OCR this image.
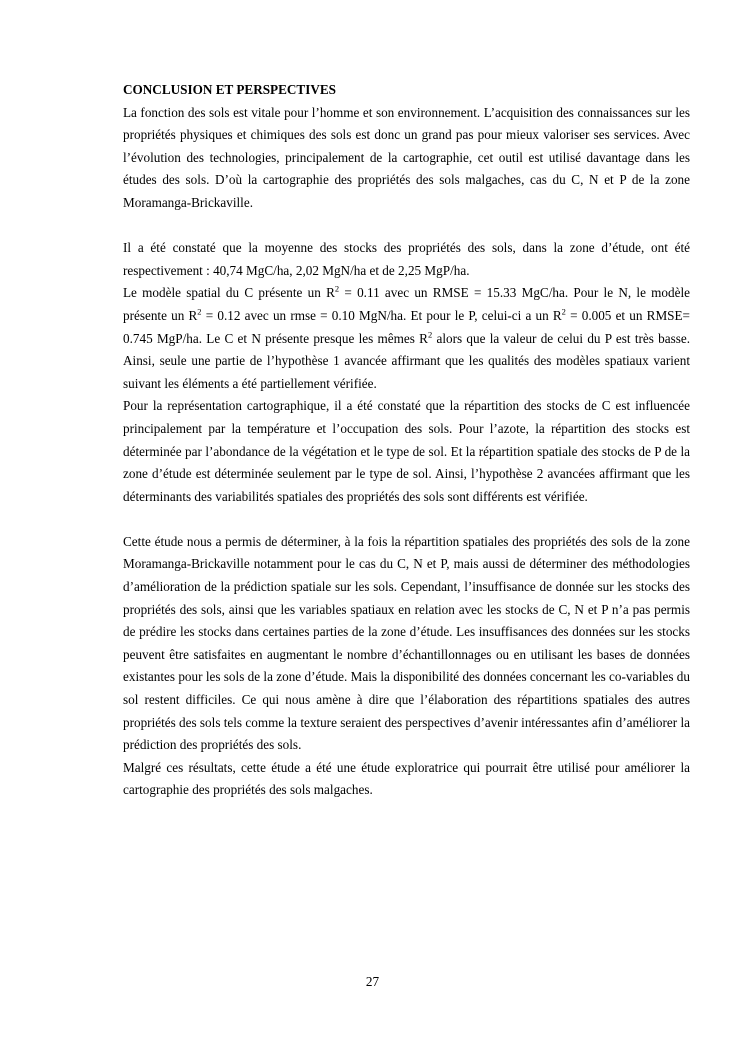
CONCLUSION ET PERSPECTIVES

La fonction des sols est vitale pour l’homme et son environnement. L’acquisition des connaissances sur les propriétés physiques et chimiques des sols est donc un grand pas pour mieux valoriser ses services. Avec l’évolution des technologies, principalement de la cartographie, cet outil est utilisé davantage dans les études des sols. D’où la cartographie des propriétés des sols malgaches, cas du C, N et P de la zone Moramanga-Brickaville.

Il a été constaté que la moyenne des stocks des propriétés des sols, dans la zone d’étude, ont été respectivement : 40,74 MgC/ha, 2,02 MgN/ha et de 2,25 MgP/ha.

Le modèle spatial du C présente un $R^2 = 0.11$ avec un RMSE = 15.33 MgC/ha. Pour le N, le modèle présente un $R^2 = 0.12$ avec un rmse = 0.10 MgN/ha. Et pour le P, celui-ci a un $R^2 = 0.005$ et un RMSE= 0.745 MgP/ha. Le C et N présente presque les mêmes $R^2$ alors que la valeur de celui du P est très basse. Ainsi, seule une partie de l’hypothèse 1 avancée affirmant que les qualités des modèles spatiaux varient suivant les éléments a été partiellement vérifiée.

Pour la représentation cartographique, il a été constaté que la répartition des stocks de C est influencée principalement par la température et l’occupation des sols. Pour l’azote, la répartition des stocks est déterminée par l’abondance de la végétation et le type de sol. Et la répartition spatiale des stocks de P de la zone d’étude est déterminée seulement par le type de sol. Ainsi, l’hypothèse 2 avancées affirmant que les déterminants des variabilités spatiales des propriétés des sols sont différents est vérifiée.

Cette étude nous a permis de déterminer, à la fois la répartition spatiales des propriétés des sols de la zone Moramanga-Brickaville notamment pour le cas du C, N et P, mais aussi de déterminer des méthodologies d’amélioration de la prédiction spatiale sur les sols. Cependant, l’insuffisance de donnée sur les stocks des propriétés des sols, ainsi que les variables spatiaux en relation avec les stocks de C, N et P n’a pas permis de prédire les stocks dans certaines parties de la zone d’étude. Les insuffisances des données sur les stocks peuvent être satisfaites en augmentant le nombre d’échantillonnages ou en utilisant les bases de données existantes pour les sols de la zone d’étude. Mais la disponibilité des données concernant les co-variables du sol restent difficiles. Ce qui nous amène à dire que l’élaboration des répartitions spatiales des autres propriétés des sols tels comme la texture seraient des perspectives d’avenir intéressantes afin d’améliorer la prédiction des propriétés des sols.

Malgré ces résultats, cette étude a été une étude exploratrice qui pourrait être utilisé pour améliorer la cartographie des propriétés des sols malgaches.

27
